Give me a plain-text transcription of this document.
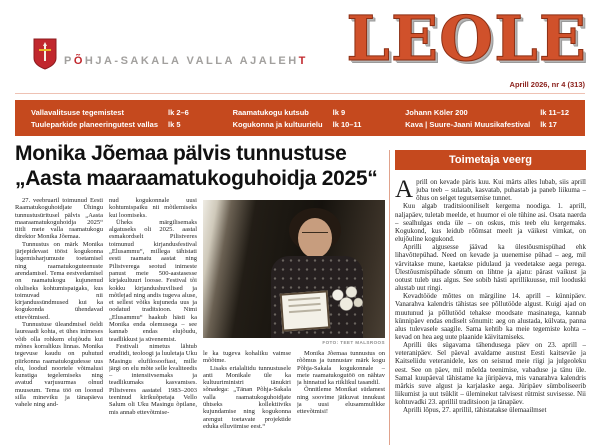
PÕHJA-SAKALA VALLA AJALEHT LEOLE
Aprill 2026, nr 4 (313)
Vallavalitsuse tegemistest	lk 2–6
Tuuleparkide planeeringutest vallas lk 5
Raamatukogu kutsub	lk 9
Kogukonna ja kultuurielu lk 10–11
Johann Köler 200	lk 11–12
Kava | Suure-Jaani Muusikafestival lk 17
Monika Jõemaa pälvis tunnustuse
„Aasta maaraamatukoguhoidja 2025“

27. veebruaril toimunud Eesti Raamatukoguhoidjate Ühingu tunnustusüritusel pälvis „Aasta maaraamatukoguhoidja 2025“ tiitli meie valla raamatukogu direktor Monika Jõemaa.

Tunnustus on märk Monika järjepidevast tööst kogukonna lugemisharjumuste toetamisel ning raamatukoguteenuste arendamisel. Tema eestvedamisel on raamatukogu kujunenud oluliseks kohtumispaigaks, kus toimuvad nii kirjandussündmused kui ka kogukonda ühendavad ettevõtmised.

Tunnustuse üleandmisel öeldi laureaadi kohta, et ühes inimeses võib olla rohkem elujõudu kui mõnes korralikus linnas. Monika tegevuse kaudu on puhutud piirkonna raamatukogudesse uus elu, loodud noortele võimalusi kunstiga tegelemiseks ning avatud varjusurmas olnud muuseum. Tema töö on loonud silla mineviku ja tänapäeva vahele ning and-

nud kogukonnale uusi kohtumispaiku nii mõtlemiseks kui loomiseks.

Üheks märgilisemaks algatuseks oli 2025. aastal esmakordselt Pilistveres toimunud kirjandusfestival „Elusammu“, millega tähistati eesti raamatu aastat ning Pilistverega seotud inimeste panust meie 500-aastasesse kirjakultuuri loosse. Festival tõi kokku kirjandushuvilised ja mõtlejad ning andis tugeva aluse, et sellest võiks kujuneda uus ja oodatud traditsioon. Nimi „Elusammu“ haakub hästi ka Monika enda olemusega – see kannab endas elujõudu, teadlikkust ja süvenemist.

Festivali nimetus lähtub erudiidi, teoloogi ja luuletaja Uku Masingu elufilosoofiast, mille järgi on elu mõte selle kvaliteedis – intensiivsemaks ja teadlikumaks kasvamises. Pilistveres aastatel 1983–2003 teeninud kirikuõpetaja Vello Salum oli Uku Masingu õpilane, mis annab ettevõtmise-

FOTO: TEET MALSROOS

le ka tugeva kohaliku vaimse mõõtme.

Lisaks erialaliidu tunnustusele anti Monikale üle ka kultuuriministri tänukiri sõnadega: „Tänan Põhja-Sakala valla raamatukoguhoidjate ühtseks kollektiiviks kujundamise ning kogukonna arengut toetavate projektide eduka elluviimise eest.“

Monika Jõemaa tunnustus on rõõmus ja tunnustav märk kogu Põhja-Sakala kogukonnale – meie raamatukogutöö on nähtav ja hinnatud ka riiklikul tasandil.

Õnnitleme Monikat südamest ning soovime jätkuvat innukust ja uusi elusammulikke ettevõtmisi!

Toimetaja veerg

Aprill on kevade päris kuu. Kui märts alles lubab, siis aprill juba teeb – sulatab, kasvatab, puhastab ja paneb liikuma – õhus on selget tegutsemise tunnet.

Kuu algab traditsiooniliselt kergema noodiga. 1. aprill, naljapäev, tuletab meelde, et huumor ei ole tühine asi. Osata naerda – sealhulgas enda üle – on oskus, mis teeb elu kergemaks. Kogukond, kus leidub rõõmsat meelt ja väikest vimkat, on elujõuline kogukond.

Aprilli algusesse jäävad ka ülestõusmispühad ehk lihavõttepühad. Need on kevade ja uuenemise pühad – aeg, mil värvitakse mune, kaetakse pidulaud ja veedetakse aega perega. Ülestõusmispühade sõnum on lihtne ja ajatu: pärast vaikust ja ootust tuleb uus algus. See sobib hästi aprillikuusse, mil looduski alustab uut ringi.

Kevadtööde mõttes on märgiline 14. aprill – künnipäev. Vanarahva kalendris tähistas see põllutööde algust. Kuigi ajad on muutunud ja põllutööd tehakse moodsate masinatega, kannab künnipäev endas endiselt sõnumit: aeg on alustada, külvata, panna alus tulevasele saagile. Sama kehtib ka meie tegemiste kohta – kevad on hea aeg uute plaanide käivitamiseks.

Aprilli üks sügavama tähendusega päev on 23. aprill – veteranipäev. Sel päeval avaldame austust Eesti kaitseväe ja Kaitseliidu veteranidele, kes on seisnud meie riigi ja julgeoleku eest. See on päev, mil mõelda teenimise, vabaduse ja tänu üle. Samal kuupäeval tähistame ka jüripäeva, mis vanarahva kalendris märkis suve algust ja karjalaske aega. Jüripäev sümboliseerib liikumist ja uut tsüklit – üleminekut talvisest rütmist suvisesse. Nii kohtuvadki 23. aprillil traditsioon ja tänapäev.

Aprilli lõpus, 27. aprillil, tähistatakse ülemaailmset
